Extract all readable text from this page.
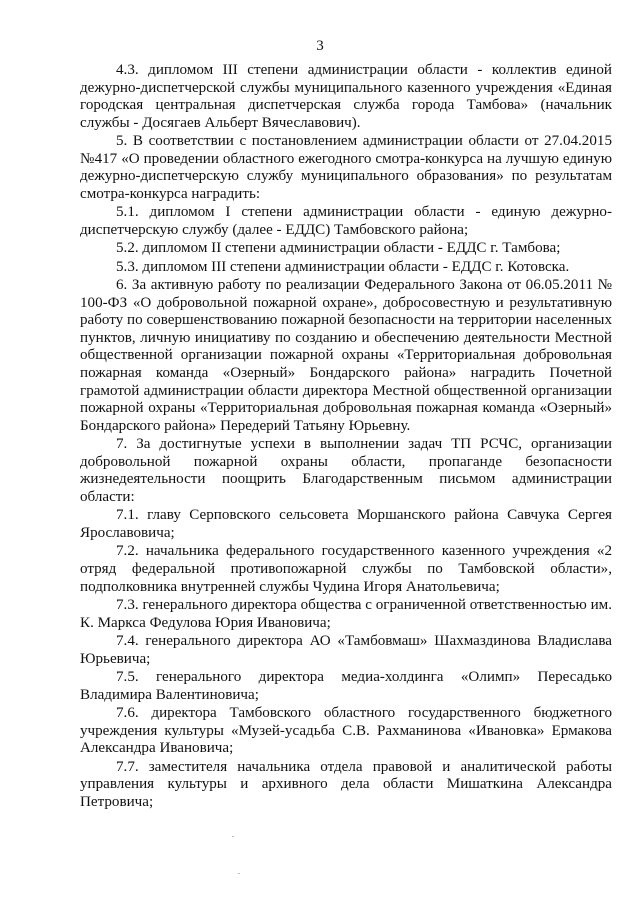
3

4.3. дипломом III степени администрации области - коллектив единой дежурно-диспетчерской службы муниципального казенного учреждения «Единая городская центральная диспетчерская служба города Тамбова» (начальник службы - Досягаев Альберт Вячеславович).

5. В соответствии с постановлением администрации области от 27.04.2015 №417 «О проведении областного ежегодного смотра-конкурса на лучшую единую дежурно-диспетчерскую службу муниципального образования» по результатам смотра-конкурса наградить:

5.1. дипломом I степени администрации области - единую дежурно-диспетчерскую службу (далее - ЕДДС) Тамбовского района;

5.2. дипломом II степени администрации области - ЕДДС г. Тамбова;

5.3. дипломом III степени администрации области - ЕДДС г. Котовска.

6. За активную работу по реализации Федерального Закона от 06.05.2011 № 100-ФЗ «О добровольной пожарной охране», добросовестную и результативную работу по совершенствованию пожарной безопасности на территории населенных пунктов, личную инициативу по созданию и обеспечению деятельности Местной общественной организации пожарной охраны «Территориальная добровольная пожарная команда «Озерный» Бондарского района» наградить Почетной грамотой администрации области директора Местной общественной организации пожарной охраны «Территориальная добровольная пожарная команда «Озерный» Бондарского района» Передерий Татьяну Юрьевну.

7. За достигнутые успехи в выполнении задач ТП РСЧС, организации добровольной пожарной охраны области, пропаганде безопасности жизнедеятельности поощрить Благодарственным письмом администрации области:

7.1. главу Серповского сельсовета Моршанского района Савчука Сергея Ярославовича;

7.2. начальника федерального государственного казенного учреждения «2 отряд федеральной противопожарной службы по Тамбовской области», подполковника внутренней службы Чудина Игоря Анатольевича;

7.3. генерального директора общества с ограниченной ответственностью им. К. Маркса Федулова Юрия Ивановича;

7.4. генерального директора АО «Тамбовмаш» Шахмаздинова Владислава Юрьевича;

7.5. генерального директора медиа-холдинга «Олимп» Пересадько Владимира Валентиновича;

7.6. директора Тамбовского областного государственного бюджетного учреждения культуры «Музей-усадьба С.В. Рахманинова «Ивановка» Ермакова Александра Ивановича;

7.7. заместителя начальника отдела правовой и аналитической работы управления культуры и архивного дела области Мишаткина Александра Петровича;
